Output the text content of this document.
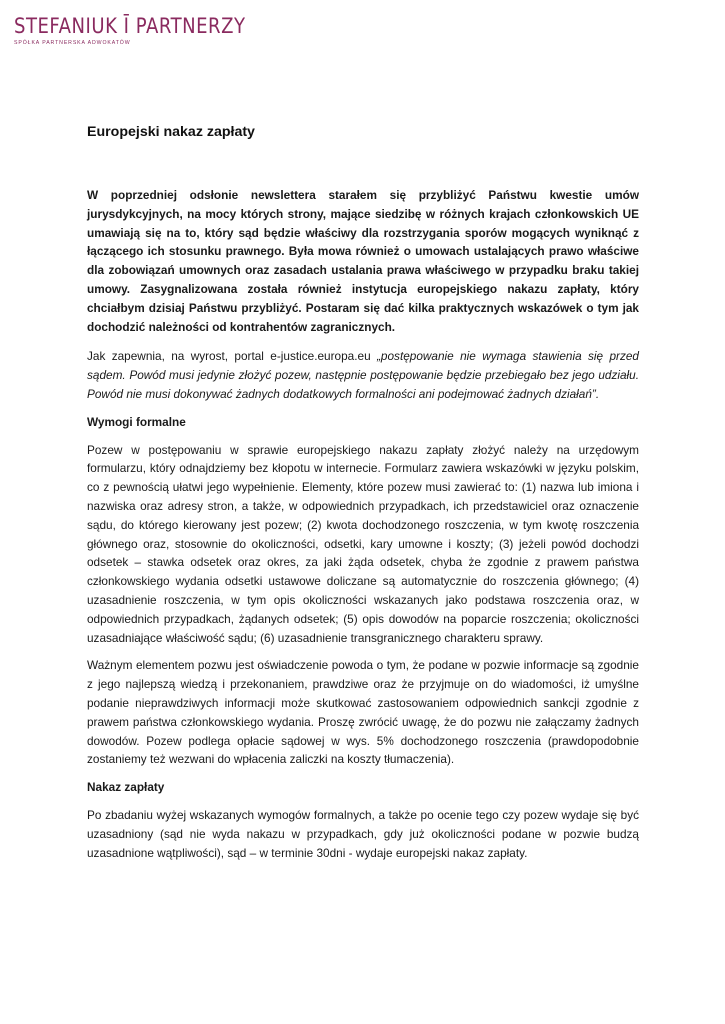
STEFANIUK Ī PARTNERZY
SPÓŁKA PARTNERSKA ADWOKATÓW
Europejski nakaz zapłaty

W poprzedniej odsłonie newslettera starałem się przybliżyć Państwu kwestie umów jurysdykcyjnych, na mocy których strony, mające siedzibę w różnych krajach członkowskich UE umawiają się na to, który sąd będzie właściwy dla rozstrzygania sporów mogących wyniknąć z łączącego ich stosunku prawnego. Była mowa również o umowach ustalających prawo właściwe dla zobowiązań umownych oraz zasadach ustalania prawa właściwego w przypadku braku takiej umowy. Zasygnalizowana została również instytucja europejskiego nakazu zapłaty, który chciałbym dzisiaj Państwu przybliżyć. Postaram się dać kilka praktycznych wskazówek o tym jak dochodzić należności od kontrahentów zagranicznych.

Jak zapewnia, na wyrost, portal e-justice.europa.eu „postępowanie nie wymaga stawienia się przed sądem. Powód musi jedynie złożyć pozew, następnie postępowanie będzie przebiegało bez jego udziału. Powód nie musi dokonywać żadnych dodatkowych formalności ani podejmować żadnych działań”.

Wymogi formalne

Pozew w postępowaniu w sprawie europejskiego nakazu zapłaty złożyć należy na urzędowym formularzu, który odnajdziemy bez kłopotu w internecie. Formularz zawiera wskazówki w języku polskim, co z pewnością ułatwi jego wypełnienie. Elementy, które pozew musi zawierać to: (1) nazwa lub imiona i nazwiska oraz adresy stron, a także, w odpowiednich przypadkach, ich przedstawiciel oraz oznaczenie sądu, do którego kierowany jest pozew; (2) kwota dochodzonego roszczenia, w tym kwotę roszczenia głównego oraz, stosownie do okoliczności, odsetki, kary umowne i koszty; (3) jeżeli powód dochodzi odsetek – stawka odsetek oraz okres, za jaki żąda odsetek, chyba że zgodnie z prawem państwa członkowskiego wydania odsetki ustawowe doliczane są automatycznie do roszczenia głównego; (4) uzasadnienie roszczenia, w tym opis okoliczności wskazanych jako podstawa roszczenia oraz, w odpowiednich przypadkach, żądanych odsetek; (5) opis dowodów na poparcie roszczenia; okoliczności uzasadniające właściwość sądu; (6) uzasadnienie transgranicznego charakteru sprawy.

Ważnym elementem pozwu jest oświadczenie powoda o tym, że podane w pozwie informacje są zgodnie z jego najlepszą wiedzą i przekonaniem, prawdziwe oraz że przyjmuje on do wiadomości, iż umyślne podanie nieprawdziwych informacji może skutkować zastosowaniem odpowiednich sankcji zgodnie z prawem państwa członkowskiego wydania. Proszę zwrócić uwagę, że do pozwu nie załączamy żadnych dowodów. Pozew podlega opłacie sądowej w wys. 5% dochodzonego roszczenia (prawdopodobnie zostaniemy też wezwani do wpłacenia zaliczki na koszty tłumaczenia).

Nakaz zapłaty

Po zbadaniu wyżej wskazanych wymogów formalnych, a także po ocenie tego czy pozew wydaje się być uzasadniony (sąd nie wyda nakazu w przypadkach, gdy już okoliczności podane w pozwie budzą uzasadnione wątpliwości), sąd – w terminie 30dni - wydaje europejski nakaz zapłaty.
